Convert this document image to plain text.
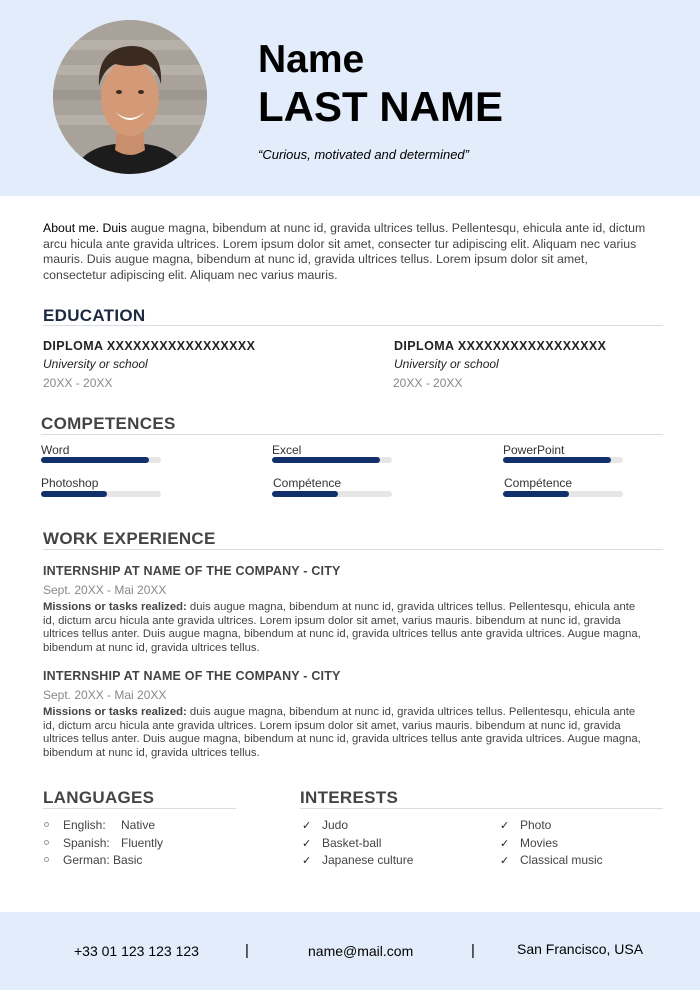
Name
LAST NAME
“Curious, motivated and determined”
About me. Duis augue magna, bibendum at nunc id, gravida ultrices tellus. Pellentesqu, ehicula ante id, dictum arcu hicula ante gravida ultrices. Lorem ipsum dolor sit amet, consecter tur adipiscing elit. Aliquam nec varius mauris. Duis augue magna, bibendum at nunc id, gravida ultrices tellus. Lorem ipsum dolor sit amet, consectetur adipiscing elit. Aliquam nec varius mauris.
EDUCATION
DIPLOMA XXXXXXXXXXXXXXXXX
University or school
20XX - 20XX
DIPLOMA XXXXXXXXXXXXXXXXX
University or school
20XX - 20XX
COMPETENCES
Word	Excel	PowerPoint
Photoshop	Compétence	Compétence
WORK EXPERIENCE
INTERNSHIP AT NAME OF THE COMPANY - CITY
Sept. 20XX - Mai 20XX
Missions or tasks realized: duis augue magna, bibendum at nunc id, gravida ultrices tellus. Pellentesqu, ehicula ante id, dictum arcu hicula ante gravida ultrices. Lorem ipsum dolor sit amet, varius mauris. bibendum at nunc id, gravida ultrices tellus anter. Duis augue magna, bibendum at nunc id, gravida ultrices tellus ante gravida ultrices. Augue magna, bibendum at nunc id, gravida ultrices tellus.
INTERNSHIP AT NAME OF THE COMPANY - CITY
Sept. 20XX - Mai 20XX
Missions or tasks realized: duis augue magna, bibendum at nunc id, gravida ultrices tellus. Pellentesqu, ehicula ante id, dictum arcu hicula ante gravida ultrices. Lorem ipsum dolor sit amet, varius mauris. bibendum at nunc id, gravida ultrices tellus anter. Duis augue magna, bibendum at nunc id, gravida ultrices tellus ante gravida ultrices. Augue magna, bibendum at nunc id, gravida ultrices tellus.
LANGUAGES
English: Native
Spanish: Fluently
German: Basic
INTERESTS
✓ Judo
✓ Basket-ball
✓ Japanese culture
✓ Photo
✓ Movies
✓ Classical music
+33 01 123 123 123	|	name@mail.com	|	San Francisco, USA
